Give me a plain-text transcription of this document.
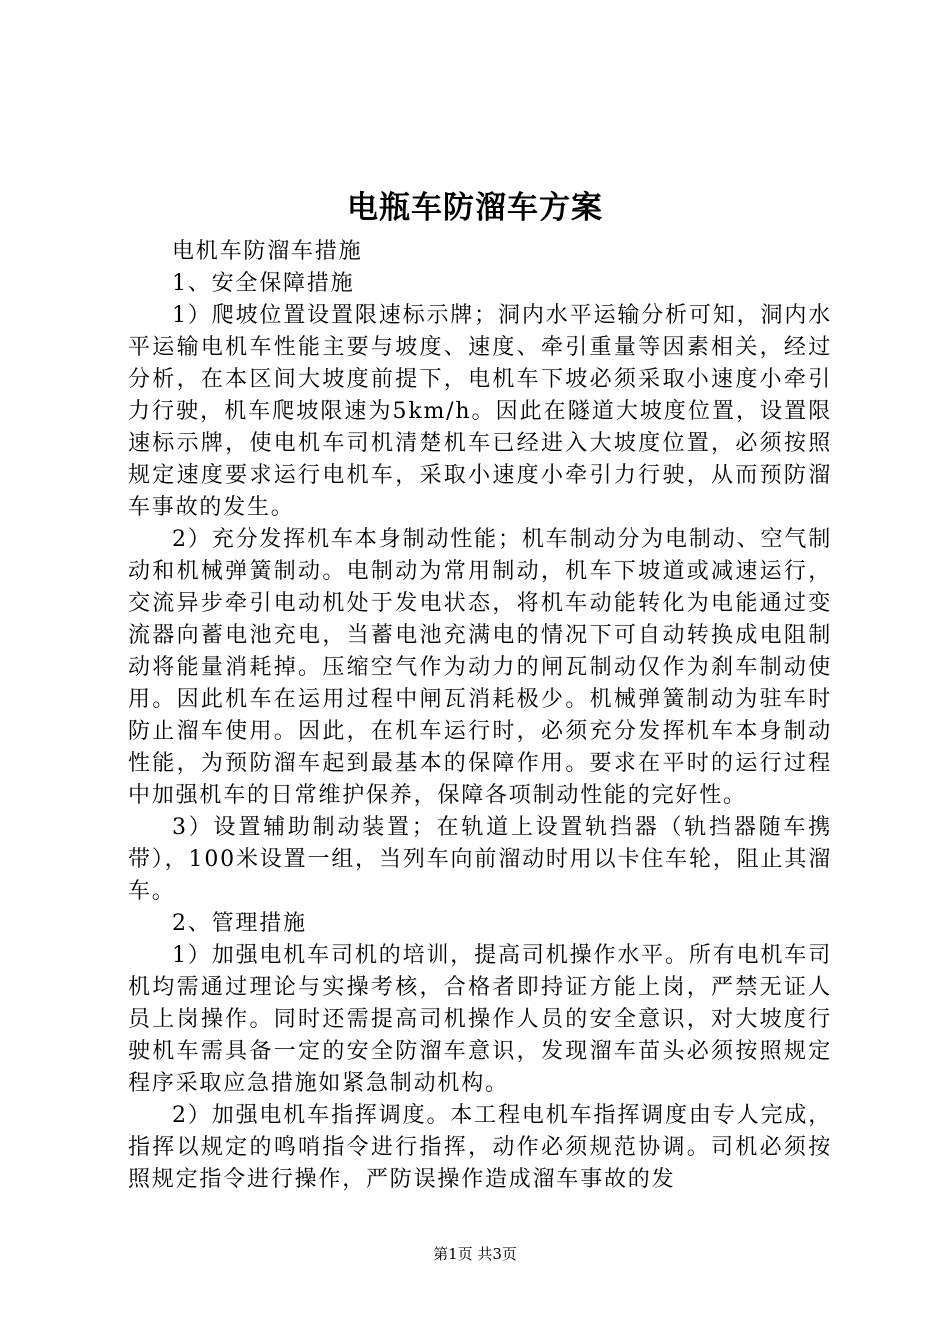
电瓶车防溜车方案

电机车防溜车措施

1、安全保障措施

1）爬坡位置设置限速标示牌；洞内水平运输分析可知，洞内水平运输电机车性能主要与坡度、速度、牵引重量等因素相关，经过分析，在本区间大坡度前提下，电机车下坡必须采取小速度小牵引力行驶，机车爬坡限速为5km/h。因此在隧道大坡度位置，设置限速标示牌，使电机车司机清楚机车已经进入大坡度位置，必须按照规定速度要求运行电机车，采取小速度小牵引力行驶，从而预防溜车事故的发生。

2）充分发挥机车本身制动性能；机车制动分为电制动、空气制动和机械弹簧制动。电制动为常用制动，机车下坡道或减速运行，交流异步牵引电动机处于发电状态，将机车动能转化为电能通过变流器向蓄电池充电，当蓄电池充满电的情况下可自动转换成电阻制动将能量消耗掉。压缩空气作为动力的闸瓦制动仅作为刹车制动使用。因此机车在运用过程中闸瓦消耗极少。机械弹簧制动为驻车时防止溜车使用。因此，在机车运行时，必须充分发挥机车本身制动性能，为预防溜车起到最基本的保障作用。要求在平时的运行过程中加强机车的日常维护保养，保障各项制动性能的完好性。

3）设置辅助制动装置；在轨道上设置轨挡器（轨挡器随车携带），100米设置一组，当列车向前溜动时用以卡住车轮，阻止其溜车。

2、管理措施

1）加强电机车司机的培训，提高司机操作水平。所有电机车司机均需通过理论与实操考核，合格者即持证方能上岗，严禁无证人员上岗操作。同时还需提高司机操作人员的安全意识，对大坡度行驶机车需具备一定的安全防溜车意识，发现溜车苗头必须按照规定程序采取应急措施如紧急制动机构。

2）加强电机车指挥调度。本工程电机车指挥调度由专人完成，指挥以规定的鸣哨指令进行指挥，动作必须规范协调。司机必须按照规定指令进行操作，严防误操作造成溜车事故的发

第1页 共3页
